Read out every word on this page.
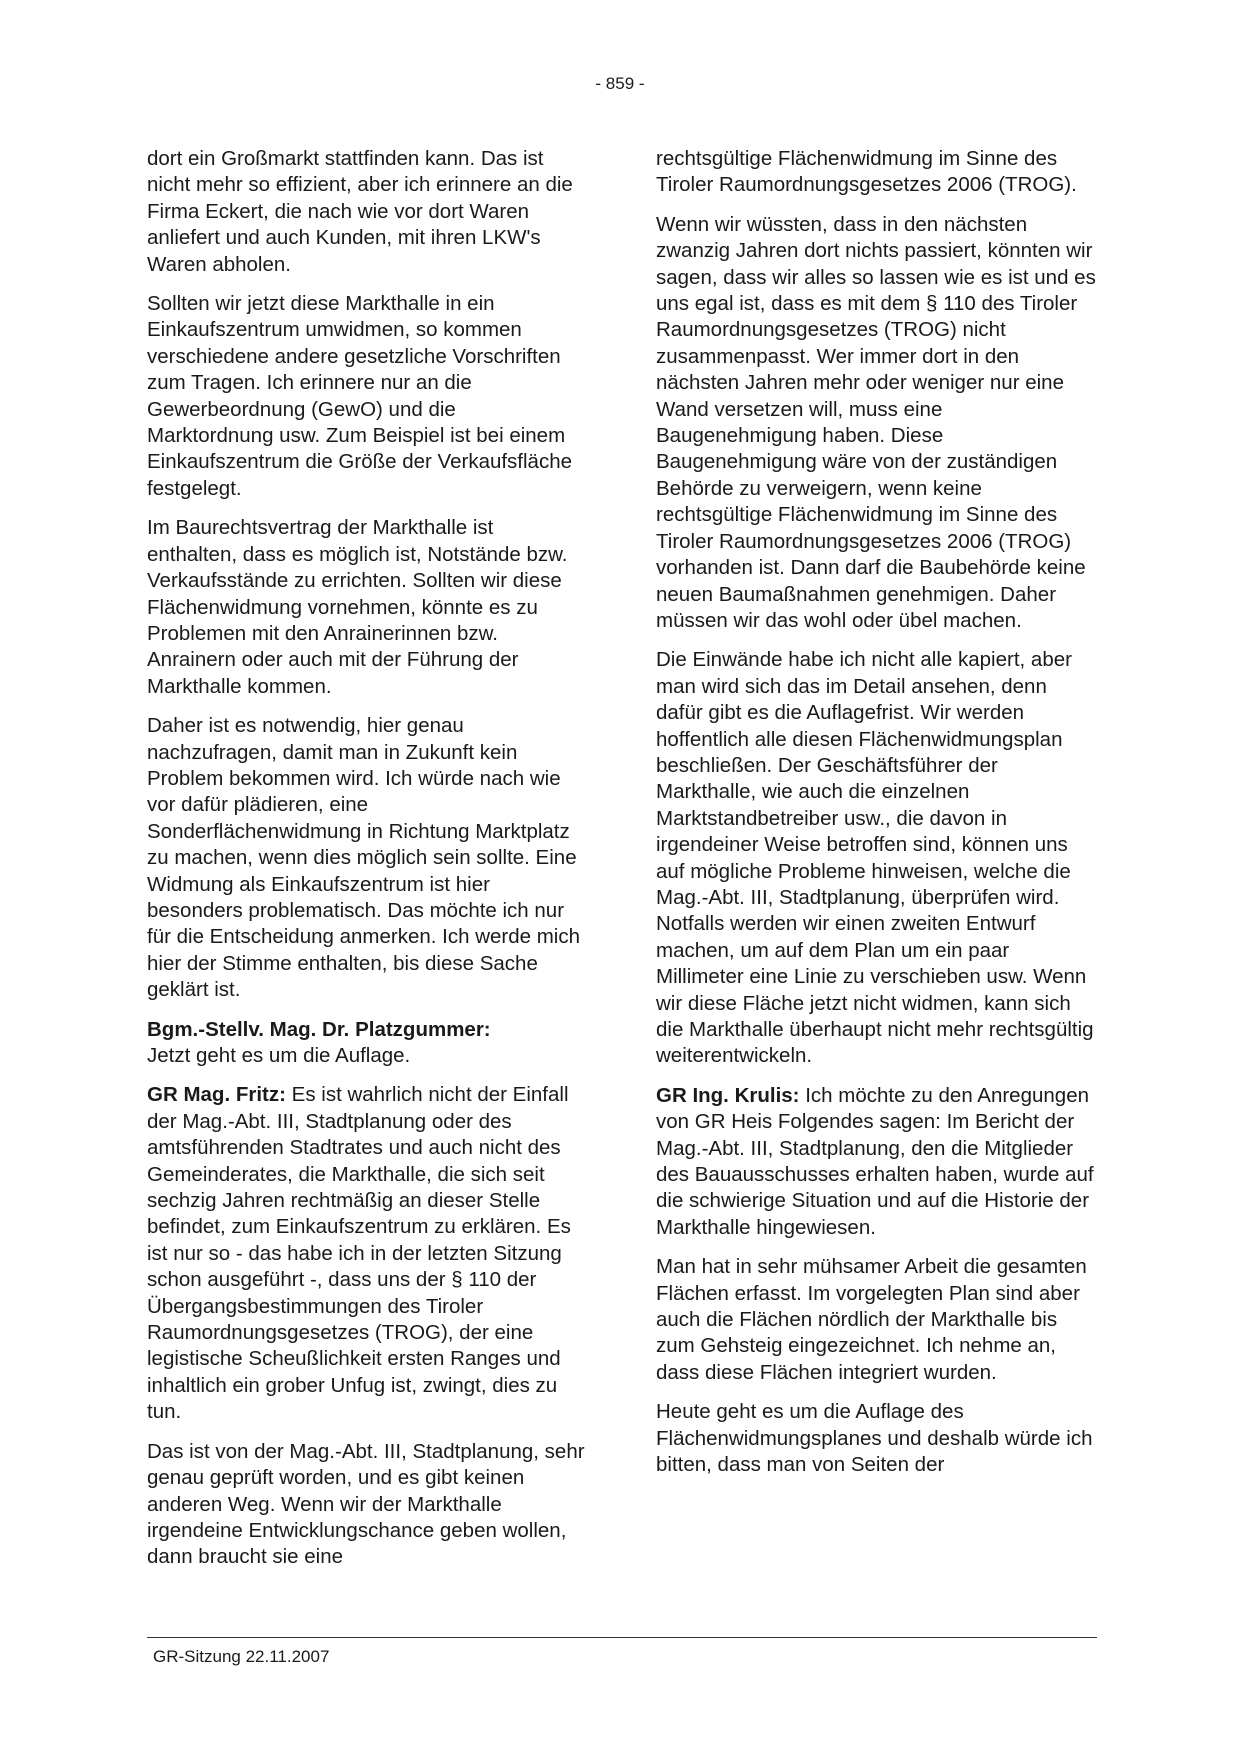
- 859 -

dort ein Großmarkt stattfinden kann. Das ist nicht mehr so effizient, aber ich erinnere an die Firma Eckert, die nach wie vor dort Waren anliefert und auch Kunden, mit ihren LKW's Waren abholen.

Sollten wir jetzt diese Markthalle in ein Einkaufszentrum umwidmen, so kommen verschiedene andere gesetzliche Vorschriften zum Tragen. Ich erinnere nur an die Gewerbeordnung (GewO) und die Marktordnung usw. Zum Beispiel ist bei einem Einkaufszentrum die Größe der Verkaufsfläche festgelegt.

Im Baurechtsvertrag der Markthalle ist enthalten, dass es möglich ist, Notstände bzw. Verkaufsstände zu errichten. Sollten wir diese Flächenwidmung vornehmen, könnte es zu Problemen mit den Anrainerinnen bzw. Anrainern oder auch mit der Führung der Markthalle kommen.

Daher ist es notwendig, hier genau nachzufragen, damit man in Zukunft kein Problem bekommen wird. Ich würde nach wie vor dafür plädieren, eine Sonderflächenwidmung in Richtung Marktplatz zu machen, wenn dies möglich sein sollte. Eine Widmung als Einkaufszentrum ist hier besonders problematisch. Das möchte ich nur für die Entscheidung anmerken. Ich werde mich hier der Stimme enthalten, bis diese Sache geklärt ist.

Bgm.-Stellv. Mag. Dr. Platzgummer:
Jetzt geht es um die Auflage.

GR Mag. Fritz: Es ist wahrlich nicht der Einfall der Mag.-Abt. III, Stadtplanung oder des amtsführenden Stadtrates und auch nicht des Gemeinderates, die Markthalle, die sich seit sechzig Jahren rechtmäßig an dieser Stelle befindet, zum Einkaufszentrum zu erklären. Es ist nur so - das habe ich in der letzten Sitzung schon ausgeführt -, dass uns der § 110 der Übergangsbestimmungen des Tiroler Raumordnungsgesetzes (TROG), der eine legistische Scheußlichkeit ersten Ranges und inhaltlich ein grober Unfug ist, zwingt, dies zu tun.

Das ist von der Mag.-Abt. III, Stadtplanung, sehr genau geprüft worden, und es gibt keinen anderen Weg. Wenn wir der Markthalle irgendeine Entwicklungschance geben wollen, dann braucht sie eine

rechtsgültige Flächenwidmung im Sinne des Tiroler Raumordnungsgesetzes 2006 (TROG).

Wenn wir wüssten, dass in den nächsten zwanzig Jahren dort nichts passiert, könnten wir sagen, dass wir alles so lassen wie es ist und es uns egal ist, dass es mit dem § 110 des Tiroler Raumordnungsgesetzes (TROG) nicht zusammenpasst. Wer immer dort in den nächsten Jahren mehr oder weniger nur eine Wand versetzen will, muss eine Baugenehmigung haben. Diese Baugenehmigung wäre von der zuständigen Behörde zu verweigern, wenn keine rechtsgültige Flächenwidmung im Sinne des Tiroler Raumordnungsgesetzes 2006 (TROG) vorhanden ist. Dann darf die Baubehörde keine neuen Baumaßnahmen genehmigen. Daher müssen wir das wohl oder übel machen.

Die Einwände habe ich nicht alle kapiert, aber man wird sich das im Detail ansehen, denn dafür gibt es die Auflagefrist. Wir werden hoffentlich alle diesen Flächenwidmungsplan beschließen. Der Geschäftsführer der Markthalle, wie auch die einzelnen Marktstandbetreiber usw., die davon in irgendeiner Weise betroffen sind, können uns auf mögliche Probleme hinweisen, welche die Mag.-Abt. III, Stadtplanung, überprüfen wird. Notfalls werden wir einen zweiten Entwurf machen, um auf dem Plan um ein paar Millimeter eine Linie zu verschieben usw. Wenn wir diese Fläche jetzt nicht widmen, kann sich die Markthalle überhaupt nicht mehr rechtsgültig weiterentwickeln.

GR Ing. Krulis: Ich möchte zu den Anregungen von GR Heis Folgendes sagen: Im Bericht der Mag.-Abt. III, Stadtplanung, den die Mitglieder des Bauausschusses erhalten haben, wurde auf die schwierige Situation und auf die Historie der Markthalle hingewiesen.

Man hat in sehr mühsamer Arbeit die gesamten Flächen erfasst. Im vorgelegten Plan sind aber auch die Flächen nördlich der Markthalle bis zum Gehsteig eingezeichnet. Ich nehme an, dass diese Flächen integriert wurden.

Heute geht es um die Auflage des Flächenwidmungsplanes und deshalb würde ich bitten, dass man von Seiten der

GR-Sitzung 22.11.2007
